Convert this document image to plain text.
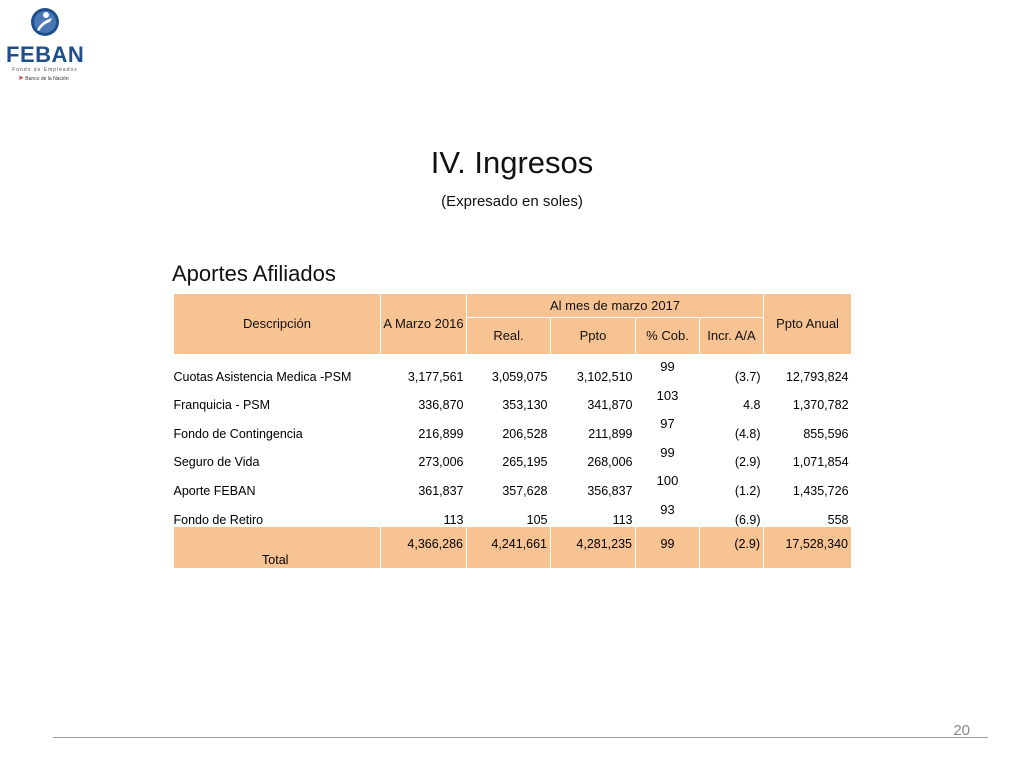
FEBAN
Fondo de Empleados
➤ Banco de la Nación
IV. Ingresos
(Expresado en soles)
Aportes Afiliados
Descripción	A Marzo 2016	Al mes de marzo 2017				Ppto Anual
		Real.	Ppto	% Cob.	Incr. A/A	
Cuotas Asistencia Medica -PSM	3,177,561	3,059,075	3,102,510	99	(3.7)	12,793,824
Franquicia - PSM	336,870	353,130	341,870	103	4.8	1,370,782
Fondo de Contingencia	216,899	206,528	211,899	97	(4.8)	855,596
Seguro de Vida	273,006	265,195	268,006	99	(2.9)	1,071,854
Aporte FEBAN	361,837	357,628	356,837	100	(1.2)	1,435,726
Fondo de Retiro	113	105	113	93	(6.9)	558
Total	4,366,286	4,241,661	4,281,235	99	(2.9)	17,528,340
20
